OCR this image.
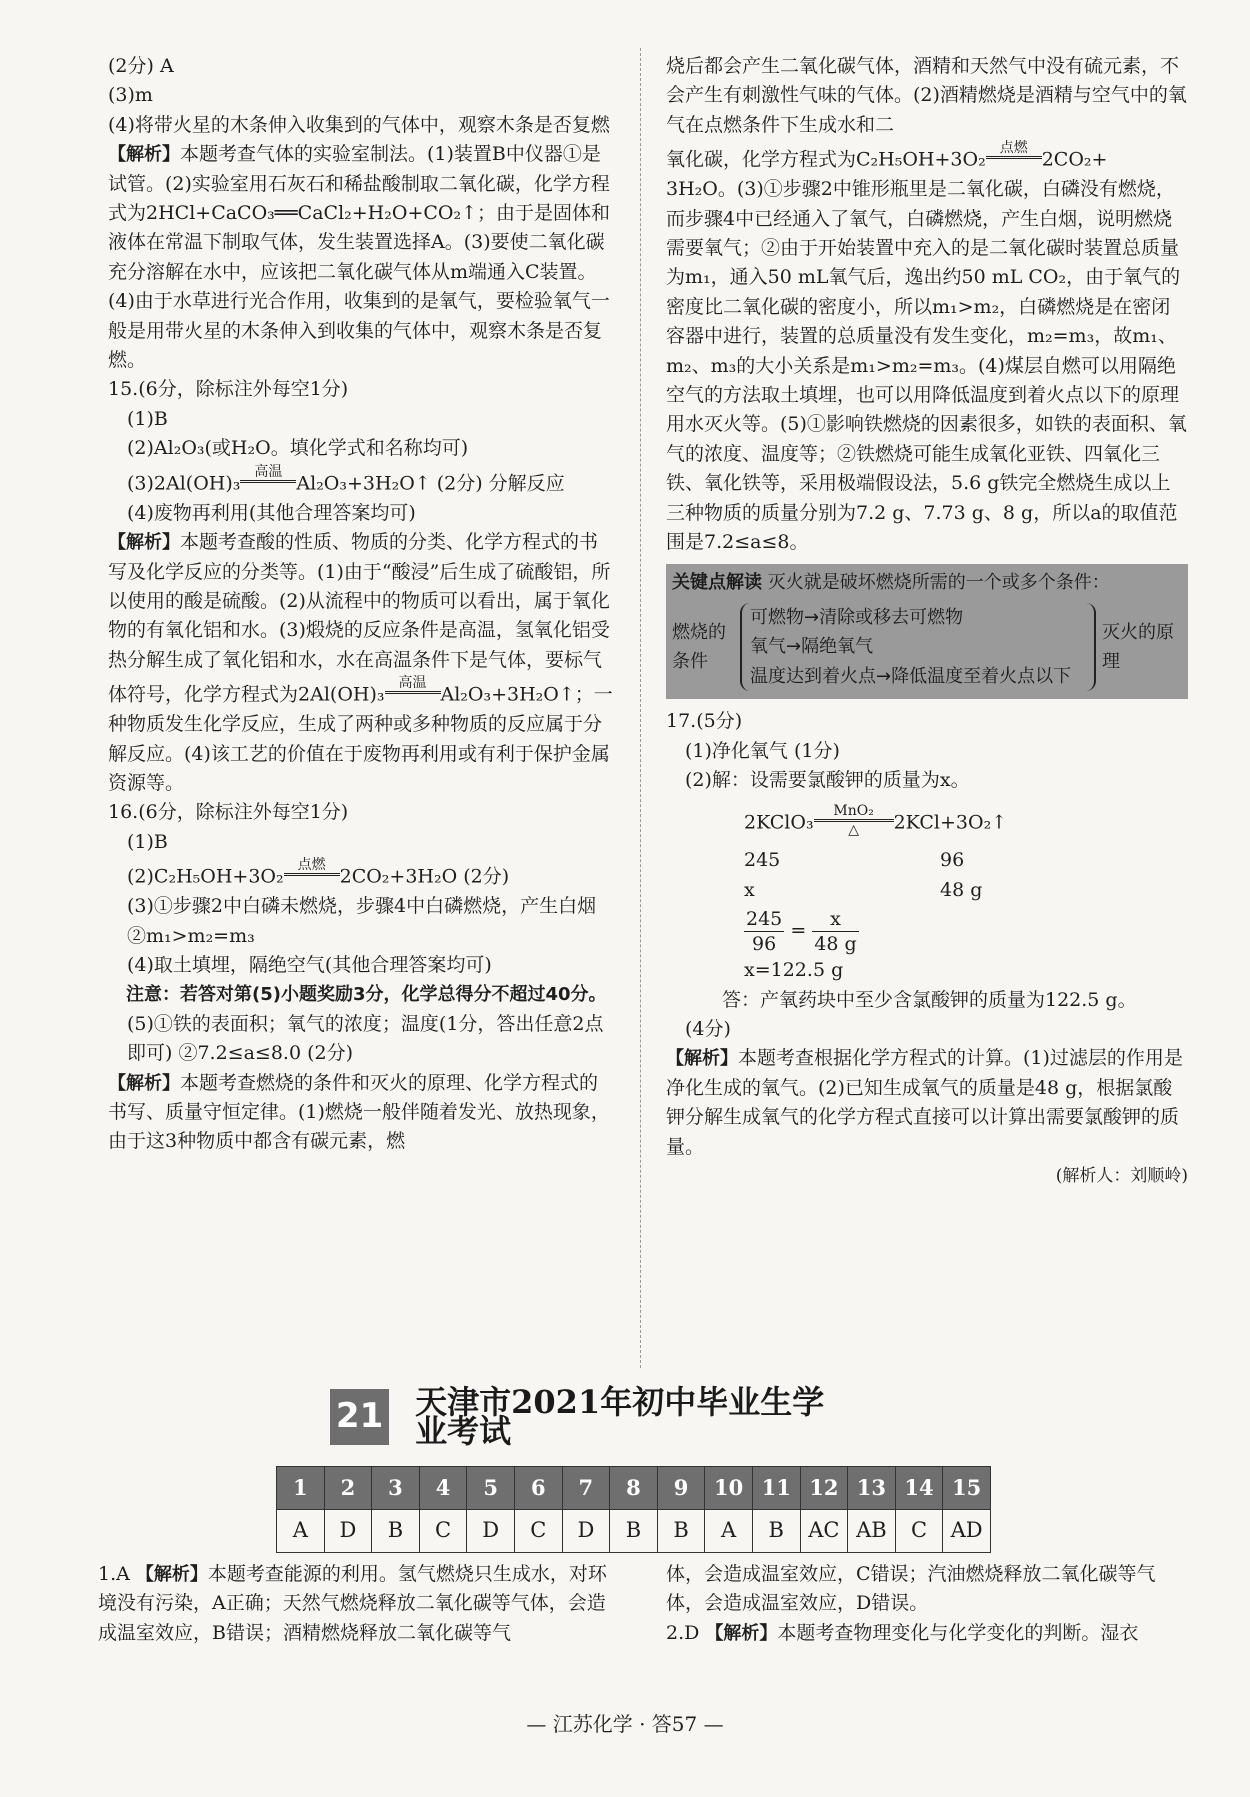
(2分) A

(3)m

(4)将带火星的木条伸入收集到的气体中，观察木条是否复燃

【解析】本题考查气体的实验室制法。(1)装置B中仪器①是试管。(2)实验室用石灰石和稀盐酸制取二氧化碳，化学方程式为2HCl+CaCO₃══CaCl₂+H₂O+CO₂↑；由于是固体和液体在常温下制取气体，发生装置选择A。(3)要使二氧化碳充分溶解在水中，应该把二氧化碳气体从m端通入C装置。(4)由于水草进行光合作用，收集到的是氧气，要检验氧气一般是用带火星的木条伸入到收集的气体中，观察木条是否复燃。

15.(6分，除标注外每空1分)

(1)B

(2)Al₂O₃(或H₂O。填化学式和名称均可)

(3)2Al(OH)₃
高温

Al₂O₃+3H₂O↑ (2分) 分解反应

(4)废物再利用(其他合理答案均可)

【解析】本题考查酸的性质、物质的分类、化学方程式的书写及化学反应的分类等。(1)由于“酸浸”后生成了硫酸铝，所以使用的酸是硫酸。(2)从流程中的物质可以看出，属于氧化物的有氧化铝和水。(3)煅烧的反应条件是高温，氢氧化铝受热分解生成了氧化铝和水，水在高温条件下是气体，要标气体符号，化学方程式为2Al(OH)₃
高温

Al₂O₃+3H₂O↑；一种物质发生化学反应，生成了两种或多种物质的反应属于分解反应。(4)该工艺的价值在于废物再利用或有利于保护金属资源等。

16.(6分，除标注外每空1分)

(1)B

(2)C₂H₅OH+3O₂
点燃

2CO₂+3H₂O (2分)

(3)①步骤2中白磷未燃烧，步骤4中白磷燃烧，产生白烟 ②m₁>m₂=m₃

(4)取土填埋，隔绝空气(其他合理答案均可)

注意：若答对第(5)小题奖励3分，化学总得分不超过40分。

(5)①铁的表面积；氧气的浓度；温度(1分，答出任意2点即可) ②7.2≤a≤8.0 (2分)

【解析】本题考查燃烧的条件和灭火的原理、化学方程式的书写、质量守恒定律。(1)燃烧一般伴随着发光、放热现象，由于这3种物质中都含有碳元素，燃

烧后都会产生二氧化碳气体，酒精和天然气中没有硫元素，不会产生有刺激性气味的气体。(2)酒精燃烧是酒精与空气中的氧气在点燃条件下生成水和二

氧化碳，化学方程式为C₂H₅OH+3O₂
点燃

2CO₂+

3H₂O。(3)①步骤2中锥形瓶里是二氧化碳，白磷没有燃烧，而步骤4中已经通入了氧气，白磷燃烧，产生白烟，说明燃烧需要氧气；②由于开始装置中充入的是二氧化碳时装置总质量为m₁，通入50 mL氧气后，逸出约50 mL CO₂，由于氧气的密度比二氧化碳的密度小，所以m₁>m₂，白磷燃烧是在密闭容器中进行，装置的总质量没有发生变化，m₂=m₃，故m₁、m₂、m₃的大小关系是m₁>m₂=m₃。(4)煤层自燃可以用隔绝空气的方法取土填埋，也可以用降低温度到着火点以下的原理用水灭火等。(5)①影响铁燃烧的因素很多，如铁的表面积、氧气的浓度、温度等；②铁燃烧可能生成氧化亚铁、四氧化三铁、氧化铁等，采用极端假设法，5.6 g铁完全燃烧生成以上三种物质的质量分别为7.2 g、7.73 g、8 g，所以a的取值范围是7.2≤a≤8。

关键点解读 灭火就是破坏燃烧所需的一个或多个条件：
燃烧的条件
可燃物→清除或移去可燃物
氧气→隔绝氧气
温度达到着火点→降低温度至着火点以下
灭火的原理

17.(5分)

(1)净化氧气 (1分)

(2)解：设需要氯酸钾的质量为x。

2KClO₃
MnO₂
△	2KCl+3O₂↑

245
x
96
48 g
$\frac{245}{96} = \frac{x}{48 g}$

x=122.5 g

答：产氧药块中至少含氯酸钾的质量为122.5 g。

(4分)

【解析】本题考查根据化学方程式的计算。(1)过滤层的作用是净化生成的氧气。(2)已知生成氧气的质量是48 g，根据氯酸钾分解生成氧气的化学方程式直接可以计算出需要氯酸钾的质量。

(解析人：刘顺岭)

21 天津市2021年初中毕业生学业考试
1	2	3	4	5	6	7	8	9	10	11	12	13	14	15
A	D	B	C	D	C	D	B	B	A	B	AC	AB	C	AD

1.A 【解析】本题考查能源的利用。氢气燃烧只生成水，对环境没有污染，A正确；天然气燃烧释放二氧化碳等气体，会造成温室效应，B错误；酒精燃烧释放二氧化碳等气

体，会造成温室效应，C错误；汽油燃烧释放二氧化碳等气体，会造成温室效应，D错误。

2.D 【解析】本题考查物理变化与化学变化的判断。湿衣

— 江苏化学 · 答57 —
